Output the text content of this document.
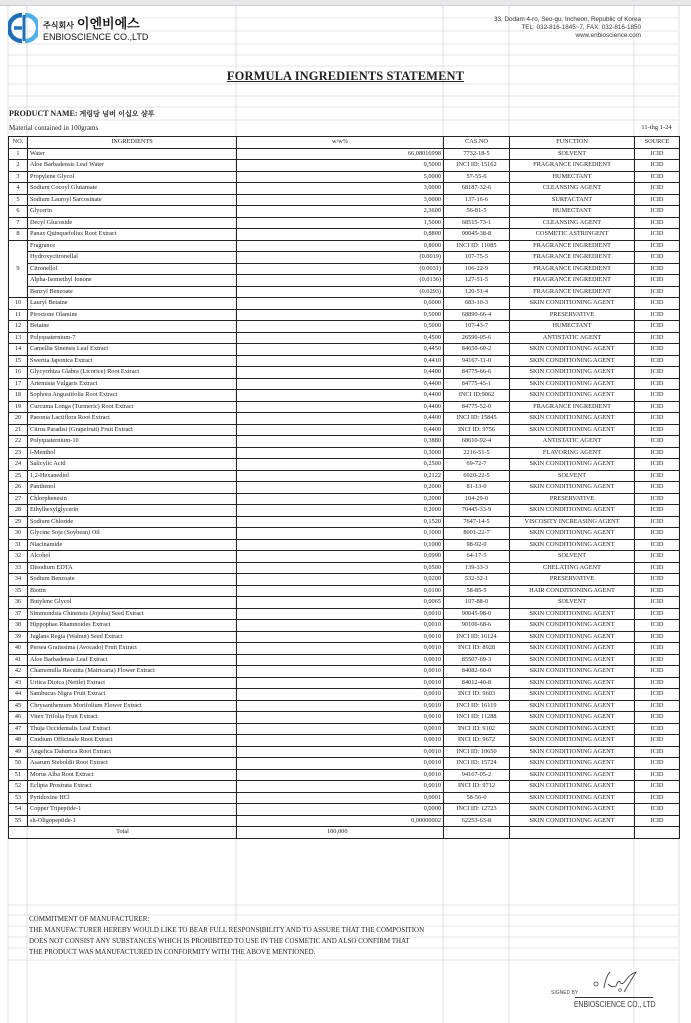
주식회사 이엔비에스
ENBIOSCIENCE CO.,LTD
33, Dodam 4-ro, Seo-gu, Incheon, Republic of Korea
TEL: 032-816-1845~7, FAX: 032-816-1850
www.enbioscience.com
FORMULA INGREDIENTS STATEMENT
PRODUCT NAME: 게링당 넘버 이십오 샴푸
Material contained in 100grams	11-thg 1-24
NO.	INGREDIENTS	w/w%	CAS.NO	FUNCTION	SOURCE
1	Water	66,08016998	7732-18-5	SOLVENT	ICID
2	Aloe Barbadensis Leaf Water	9,5000	INCI ID: 15162	FRAGRANCE INGREDIENT	ICID
3	Propylene Glycol	5,0000	57-55-6	HUMECTANT	ICID
4	Sodium Cocoyl Glutamate	3,0000	68187-32-6	CLEANSING AGENT	ICID
5	Sodium Lauroyl Sarcosinate	3,0000	137-16-6	SURFACTANT	ICID
6	Glycerin	2,3600	56-81-5	HUMECTANT	ICID
7	Decyl Glucoside	1,5000	68515-73-1	CLEANSING AGENT	ICID
8	Panax Quinquefolius Root Extract	0,8800	90045-38-8	COSMETIC ASTRINGENT	ICID
9	Fragrance	0,8000	INCI ID: 11085	FRAGRANCE INGREDIENT	ICID
	Hydroxycitronellal	(0.0019)	107-75-5	FRAGRANCE INGREDIENT	ICID
	Citronellol	(0.0031)	106-22-9	FRAGRANCE INGREDIENT	ICID
	Alpha-Isomethyl Ionone	(0.0136)	127-51-5	FRAGRANCE INGREDIENT	ICID
	Benzyl Benzoate	(0.0293)	120-51-4	FRAGRANCE INGREDIENT	ICID
10	Lauryl Betaine	0,6000	683-10-3	SKIN CONDITIONING AGENT	ICID
11	Piroctone Olamine	0,5000	68890-66-4	PRESERVATIVE	ICID
12	Betaine	0,5000	107-43-7	HUMECTANT	ICID
13	Polyquaternium-7	0,4500	26590-05-6	ANTISTATIC AGENT	ICID
14	Camellia Sinensis Leaf Extract	0,4450	84650-60-2	SKIN CONDITIONING AGENT	ICID
15	Swertia Japonica Extract	0,4410	94167-11-0	SKIN CONDITIONING AGENT	ICID
16	Glycyrrhiza Glabra (Licorice) Root Extract	0,4400	84775-66-6	SKIN CONDITIONING AGENT	ICID
17	Artemisia Vulgaris Extract	0,4400	84775-45-1	SKIN CONDITIONING AGENT	ICID
18	Sophora Angustifolia Root Extract	0,4400	INCI ID:9062	SKIN CONDITIONING AGENT	ICID
19	Curcuma Longa (Turmeric) Root Extract	0,4400	84775-52-0	FRAGRANCE INGREDIENT	ICID
20	Paeonia Lactiflora Root Extract	0,4400	INCI ID: 15845	SKIN CONDITIONING AGENT	ICID
21	Citrus Paradisi (Grapefruit) Fruit Extract	0,4400	INCI ID: 9756	SKIN CONDITIONING AGENT	ICID
22	Polyquaternium-10	0,3880	68610-92-4	ANTISTATIC AGENT	ICID
23	l-Menthol	0,3000	2216-51-5	FLAVORING AGENT	ICID
24	Salicylic Acid	0,2500	69-72-7	SKIN CONDITIONING AGENT	ICID
25	1,2-Hexanediol	0,2122	6920-22-5	SOLVENT	ICID
26	Panthenol	0,2000	81-13-0	SKIN CONDITIONING AGENT	ICID
27	Chlorphenesin	0,2000	104-29-0	PRESERVATIVE	ICID
28	Ethylhexylglycerin	0,2000	70445-33-9	SKIN CONDITIONING AGENT	ICID
29	Sodium Chloride	0,1520	7647-14-5	VISCOSITY INCREASING AGENT	ICID
30	Glycine Soja (Soybean) Oil	0,1000	8001-22-7	SKIN CONDITIONING AGENT	ICID
31	Niacinamide	0,1000	98-92-0	SKIN CONDITIONING AGENT	ICID
32	Alcohol	0,0990	64-17-5	SOLVENT	ICID
33	Disodium EDTA	0,0500	139-33-3	CHELATING AGENT	ICID
34	Sodium Benzoate	0,0200	532-32-1	PRESERVATIVE	ICID
35	Biotin	0,0100	58-85-5	HAIR CONDITIONING AGENT	ICID
36	Butylene Glycol	0,0065	107-88-0	SOLVENT	ICID
37	Simmondsia Chinensis (Jojoba) Seed Extract	0,0010	90045-98-0	SKIN CONDITIONING AGENT	ICID
38	Hippophae Rhamnoides Extract	0,0010	90106-68-6	SKIN CONDITIONING AGENT	ICID
39	Juglans Regia (Walnut) Seed Extract	0,0010	INCI ID: 16124	SKIN CONDITIONING AGENT	ICID
40	Persea Gratissima (Avocado) Fruit Extract	0,0010	INCI ID: 8928	SKIN CONDITIONING AGENT	ICID
41	Aloe Barbadensis Leaf Extract	0,0010	85507-69-3	SKIN CONDITIONING AGENT	ICID
42	Chamomilla Recutita (Matricaria) Flower Extract	0,0010	84082-60-0	SKIN CONDITIONING AGENT	ICID
43	Urtica Dioica (Nettle) Extract	0,0010	84012-40-8	SKIN CONDITIONING AGENT	ICID
44	Sambucus Nigra Fruit Extract	0,0010	INCI ID: 9603	SKIN CONDITIONING AGENT	ICID
45	Chrysanthemum Morifolium Flower Extract	0,0010	INCI ID: 16119	SKIN CONDITIONING AGENT	ICID
46	Vitex Trifolia Fruit Extract	0,0010	INCI ID: 11288	SKIN CONDITIONING AGENT	ICID
47	Thuja Occidentalis Leaf Extract	0,0010	INCI ID: 9102	SKIN CONDITIONING AGENT	ICID
48	Cnidium Officinale Root Extract	0,0010	INCI ID: 9672	SKIN CONDITIONING AGENT	ICID
49	Angelica Dahurica Root Extract	0,0010	INCI ID: 10650	SKIN CONDITIONING AGENT	ICID
50	Asarum Sieboldii Root Extract	0,0010	INCI ID: 15724	SKIN CONDITIONING AGENT	ICID
51	Morus Alba Root Extract	0,0010	94167-05-2	SKIN CONDITIONING AGENT	ICID
52	Eclipta Prostrata Extract	0,0010	INCI ID: 9712	SKIN CONDITIONING AGENT	ICID
53	Pyridoxine HCl	0,0001	58-56-0	SKIN CONDITIONING AGENT	ICID
54	Copper Tripeptide-1	0,0000	INCI ID: 12723	SKIN CONDITIONING AGENT	ICID
55	sh-Oligopeptide-1	0,00000002	62253-63-8	SKIN CONDITIONING AGENT	ICID
Total		100,000			
COMMITMENT OF MANUFACTURER:
THE MANUFACTURER HEREBY WOULD LIKE TO BEAR FULL RESPONSIBILITY AND TO ASSURE THAT THE COMPOSITION
DOES NOT CONSIST ANY SUBSTANCES WHICH IS PROHIBITED TO USE IN THE COSMETIC AND ALSO CONFIRM THAT
THE PRODUCT WAS MANUFACTURED IN CONFORMITY WITH THE ABOVE MENTIONED.
SIGNED BY
ENBIOSCIENCE CO., LTD
